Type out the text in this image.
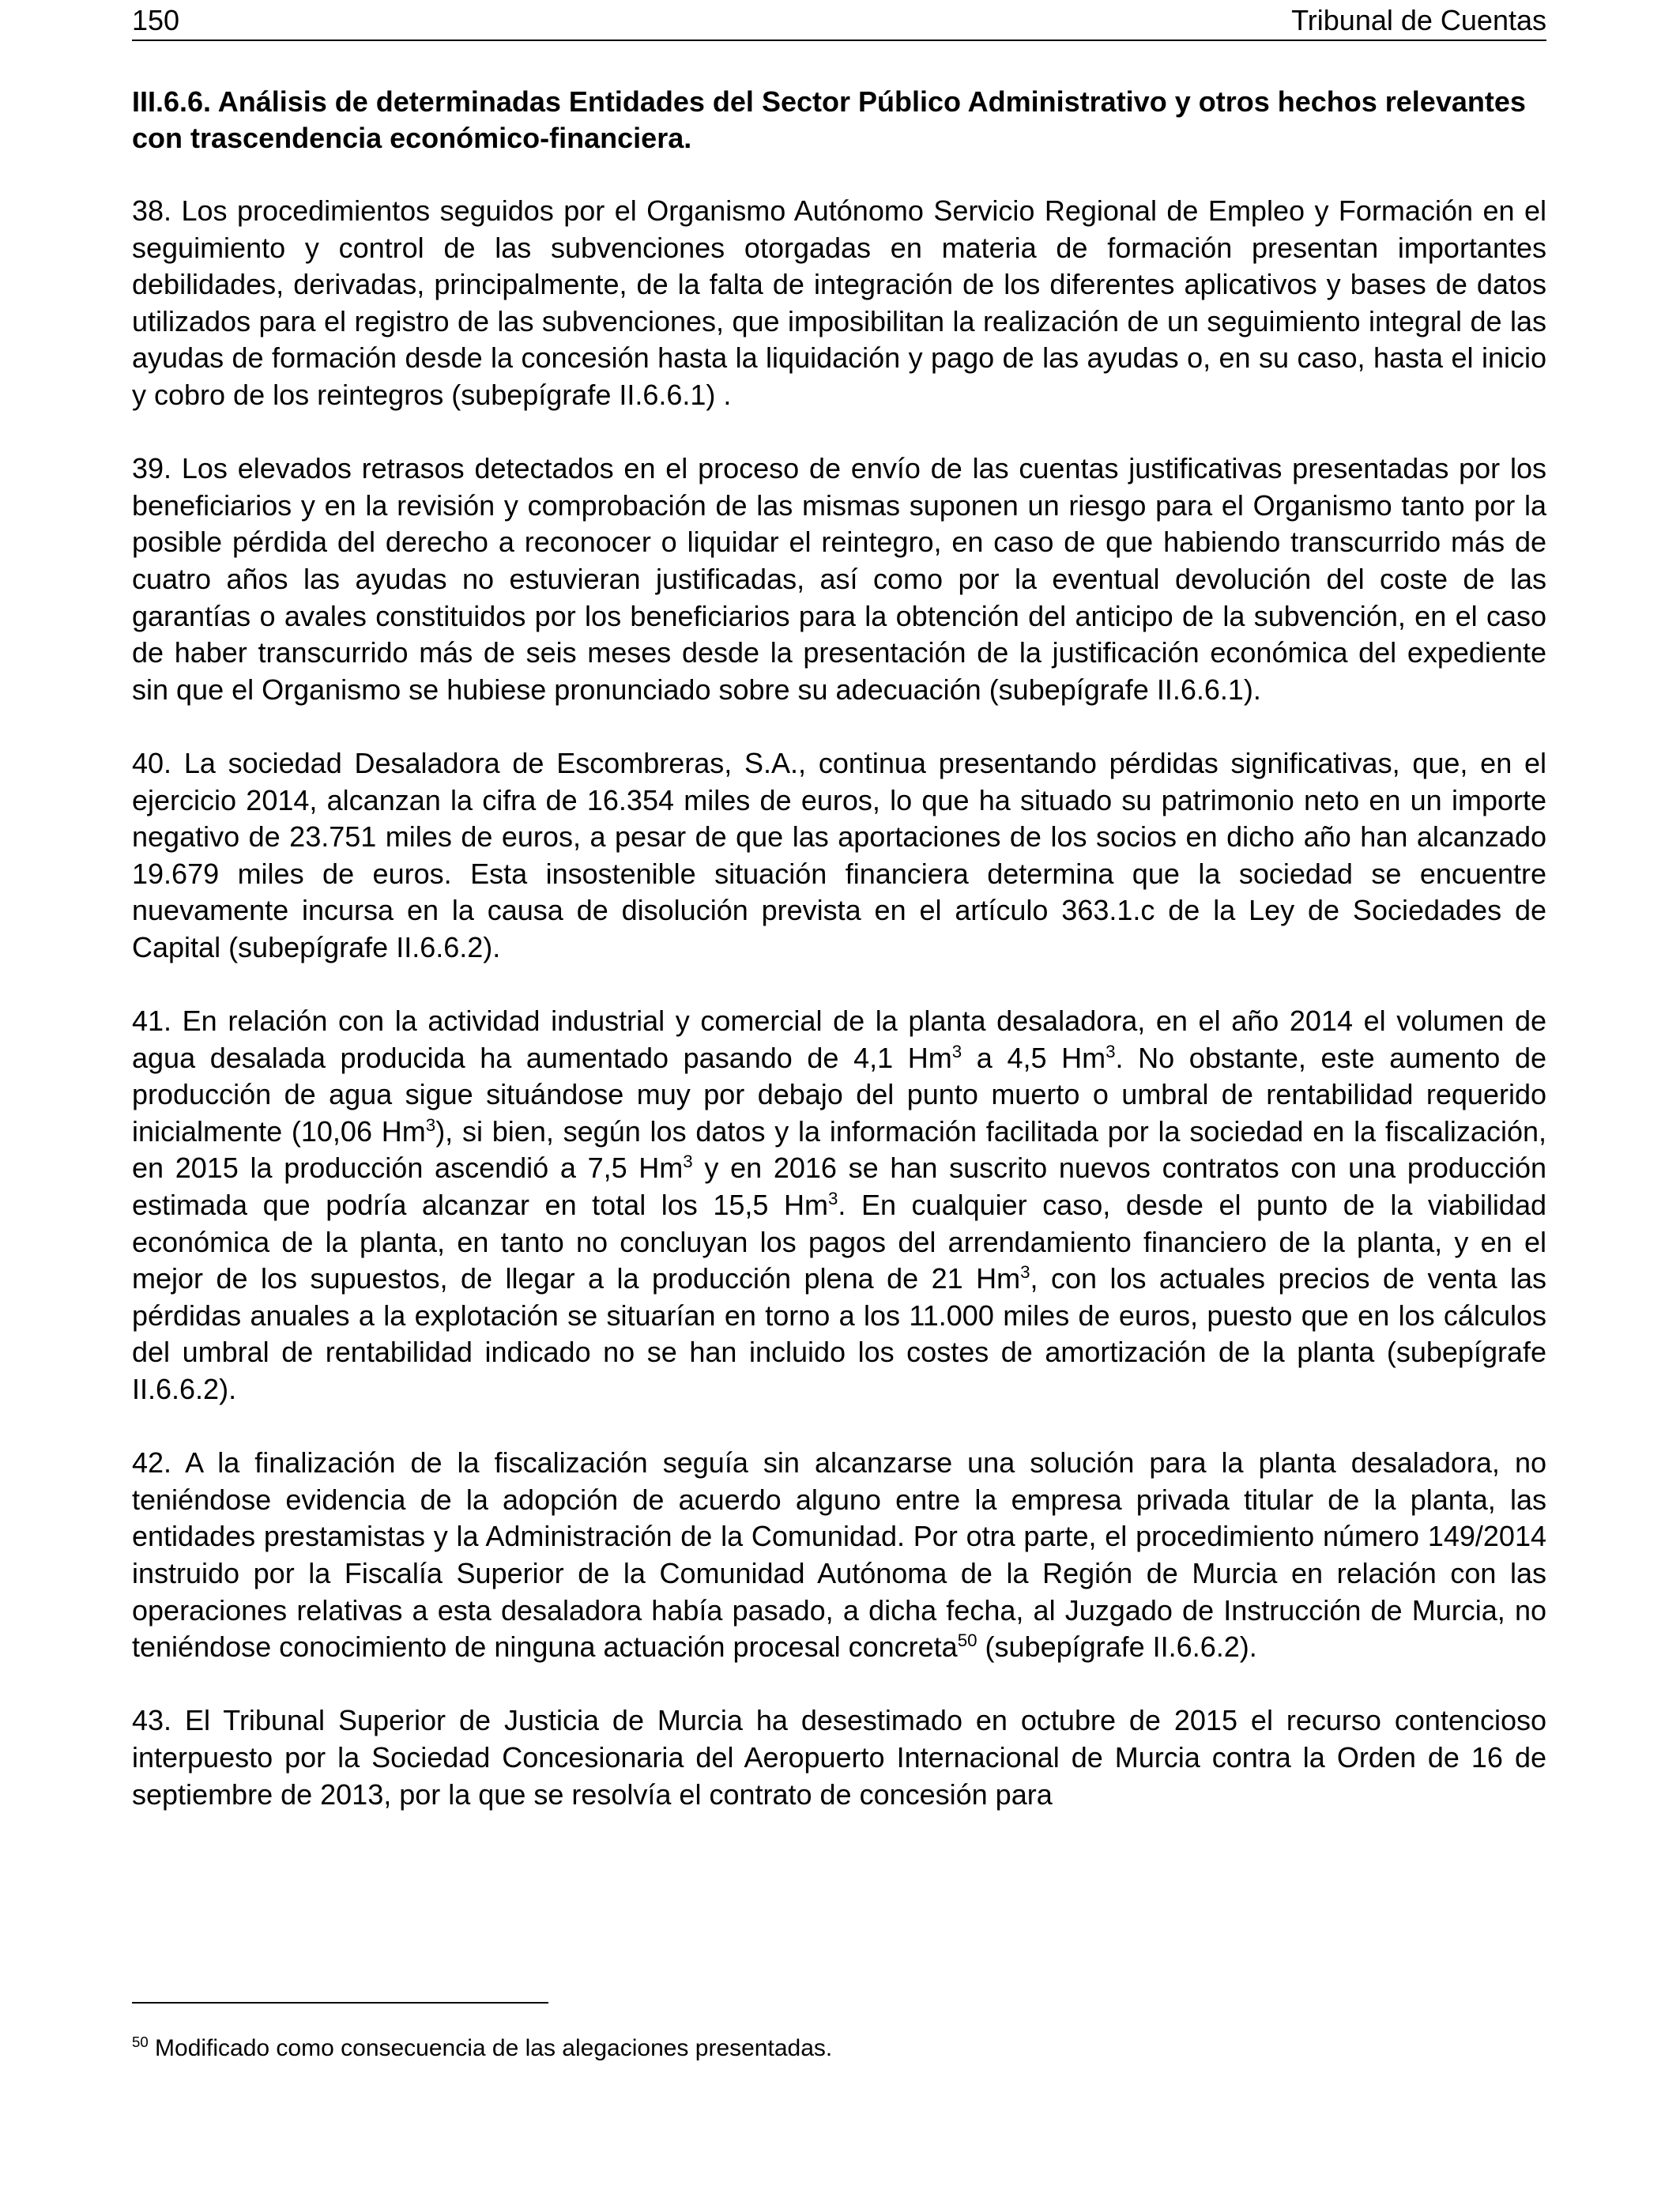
150	Tribunal de Cuentas
III.6.6. Análisis de determinadas Entidades del Sector Público Administrativo y otros hechos relevantes con trascendencia económico-financiera.

38. Los procedimientos seguidos por el Organismo Autónomo Servicio Regional de Empleo y Formación en el seguimiento y control de las subvenciones otorgadas en materia de formación presentan importantes debilidades, derivadas, principalmente, de la falta de integración de los diferentes aplicativos y bases de datos utilizados para el registro de las subvenciones, que imposibilitan la realización de un seguimiento integral de las ayudas de formación desde la concesión hasta la liquidación y pago de las ayudas o, en su caso, hasta el inicio y cobro de los reintegros (subepígrafe II.6.6.1) .

39. Los elevados retrasos detectados en el proceso de envío de las cuentas justificativas presentadas por los beneficiarios y en la revisión y comprobación de las mismas suponen un riesgo para el Organismo tanto por la posible pérdida del derecho a reconocer o liquidar el reintegro, en caso de que habiendo transcurrido más de cuatro años las ayudas no estuvieran justificadas, así como por la eventual devolución del coste de las garantías o avales constituidos por los beneficiarios para la obtención del anticipo de la subvención, en el caso de haber transcurrido más de seis meses desde la presentación de la justificación económica del expediente sin que el Organismo se hubiese pronunciado sobre su adecuación (subepígrafe II.6.6.1).

40. La sociedad Desaladora de Escombreras, S.A., continua presentando pérdidas significativas, que, en el ejercicio 2014, alcanzan la cifra de 16.354 miles de euros, lo que ha situado su patrimonio neto en un importe negativo de 23.751 miles de euros, a pesar de que las aportaciones de los socios en dicho año han alcanzado 19.679 miles de euros. Esta insostenible situación financiera determina que la sociedad se encuentre nuevamente incursa en la causa de disolución prevista en el artículo 363.1.c de la Ley de Sociedades de Capital (subepígrafe II.6.6.2).

41. En relación con la actividad industrial y comercial de la planta desaladora, en el año 2014 el volumen de agua desalada producida ha aumentado pasando de 4,1 Hm$^3$ a 4,5 Hm$^3$. No obstante, este aumento de producción de agua sigue situándose muy por debajo del punto muerto o umbral de rentabilidad requerido inicialmente (10,06 Hm$^3$), si bien, según los datos y la información facilitada por la sociedad en la fiscalización, en 2015 la producción ascendió a 7,5 Hm$^3$ y en 2016 se han suscrito nuevos contratos con una producción estimada que podría alcanzar en total los 15,5 Hm$^3$. En cualquier caso, desde el punto de la viabilidad económica de la planta, en tanto no concluyan los pagos del arrendamiento financiero de la planta, y en el mejor de los supuestos, de llegar a la producción plena de 21 Hm$^3$, con los actuales precios de venta las pérdidas anuales a la explotación se situarían en torno a los 11.000 miles de euros, puesto que en los cálculos del umbral de rentabilidad indicado no se han incluido los costes de amortización de la planta (subepígrafe II.6.6.2).

42. A la finalización de la fiscalización seguía sin alcanzarse una solución para la planta desaladora, no teniéndose evidencia de la adopción de acuerdo alguno entre la empresa privada titular de la planta, las entidades prestamistas y la Administración de la Comunidad. Por otra parte, el procedimiento número 149/2014 instruido por la Fiscalía Superior de la Comunidad Autónoma de la Región de Murcia en relación con las operaciones relativas a esta desaladora había pasado, a dicha fecha, al Juzgado de Instrucción de Murcia, no teniéndose conocimiento de ninguna actuación procesal concreta$^{50}$ (subepígrafe II.6.6.2).

43. El Tribunal Superior de Justicia de Murcia ha desestimado en octubre de 2015 el recurso contencioso interpuesto por la Sociedad Concesionaria del Aeropuerto Internacional de Murcia contra la Orden de 16 de septiembre de 2013, por la que se resolvía el contrato de concesión para

$^{50}$ Modificado como consecuencia de las alegaciones presentadas.
